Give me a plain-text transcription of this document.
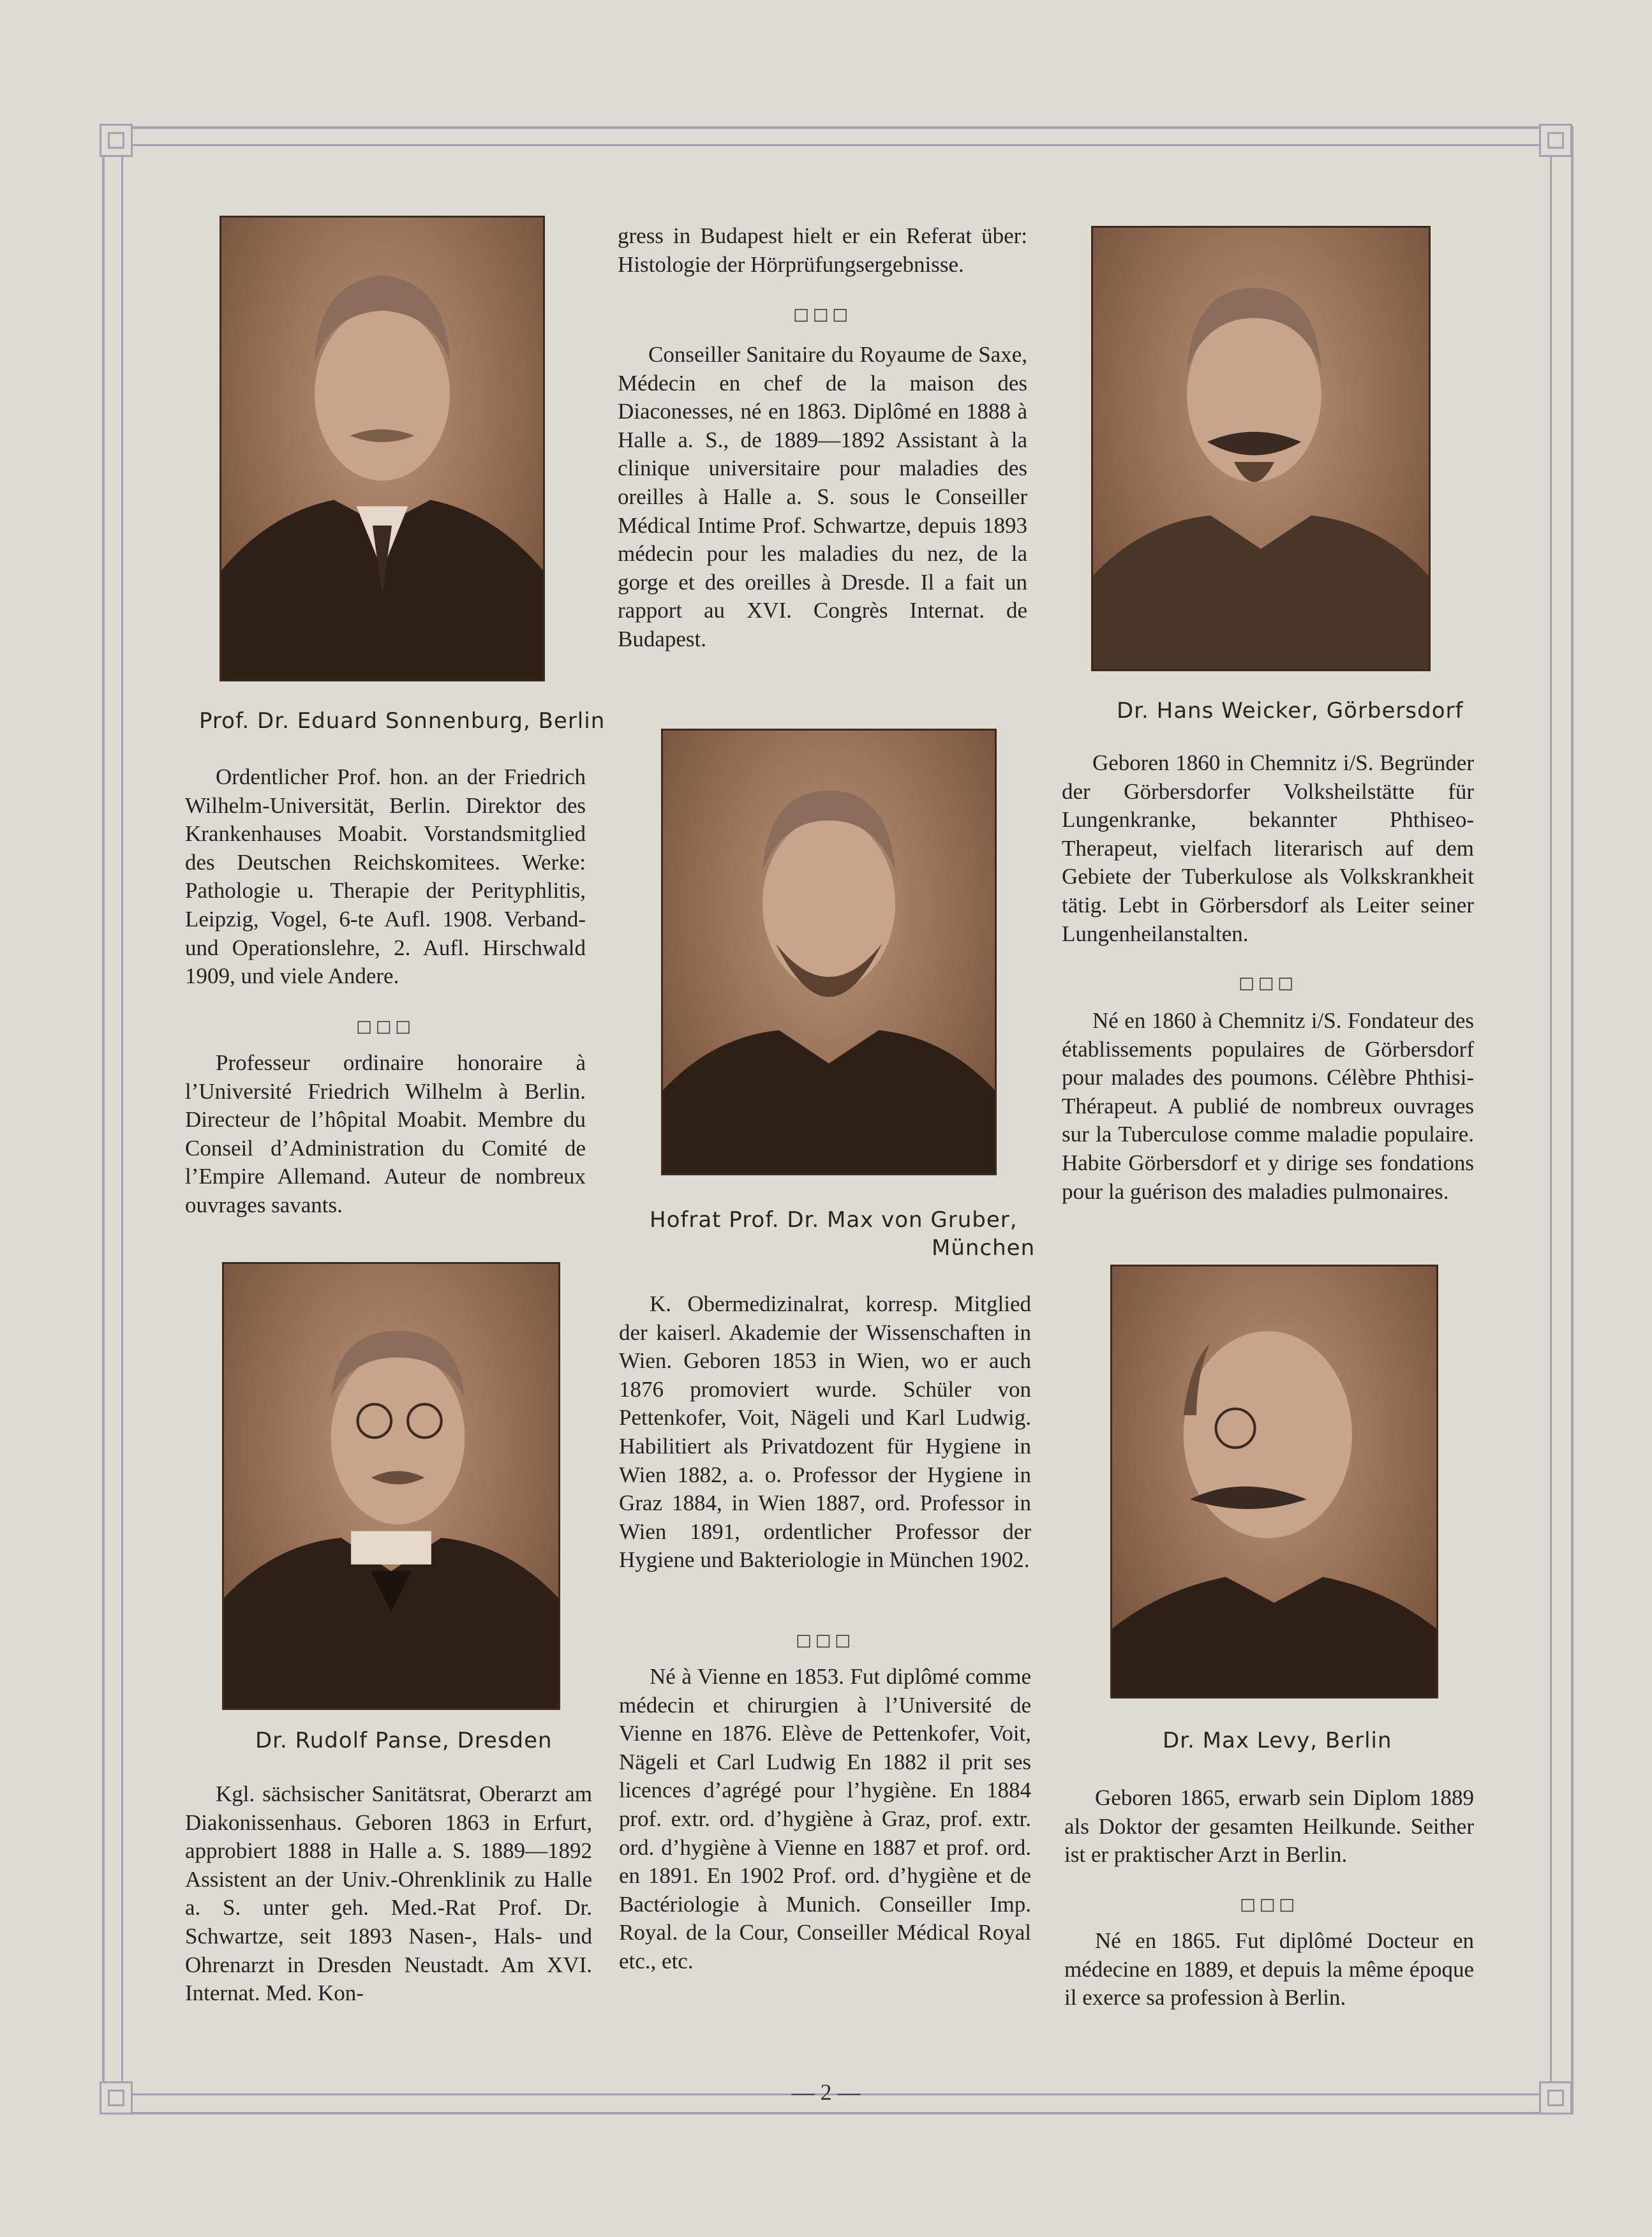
Prof. Dr. Eduard Sonnenburg, Berlin

Ordentlicher Prof. hon. an der Friedrich Wilhelm-Universität, Berlin. Direktor des Krankenhauses Moabit. Vorstandsmitglied des Deutschen Reichskomitees. Werke: Pathologie u. Therapie der Perityphlitis, Leipzig, Vogel, 6-te Aufl. 1908. Verband- und Operationslehre, 2. Aufl. Hirschwald 1909, und viele Andere.

□□□

Professeur ordinaire honoraire à l’Université Friedrich Wilhelm à Berlin. Directeur de l’hôpital Moabit. Membre du Conseil d’Administration du Comité de l’Empire Allemand. Auteur de nombreux ouvrages savants.

Dr. Rudolf Panse, Dresden

Kgl. sächsischer Sanitätsrat, Oberarzt am Diakonissenhaus. Geboren 1863 in Erfurt, approbiert 1888 in Halle a. S. 1889—1892 Assistent an der Univ.-Ohrenklinik zu Halle a. S. unter geh. Med.-Rat Prof. Dr. Schwartze, seit 1893 Nasen-, Hals- und Ohrenarzt in Dresden Neustadt. Am XVI. Internat. Med. Kon-

gress in Budapest hielt er ein Referat über: Histologie der Hörprüfungsergebnisse.

□□□

Conseiller Sanitaire du Royaume de Saxe, Médecin en chef de la maison des Diaconesses, né en 1863. Diplômé en 1888 à Halle a. S., de 1889—1892 Assistant à la clinique universitaire pour maladies des oreilles à Halle a. S. sous le Conseiller Médical Intime Prof. Schwartze, depuis 1893 médecin pour les maladies du nez, de la gorge et des oreilles à Dresde. Il a fait un rapport au XVI. Congrès Internat. de Budapest.

Hofrat Prof. Dr. Max von Gruber,
München

K. Obermedizinalrat, korresp. Mitglied der kaiserl. Akademie der Wissenschaften in Wien. Geboren 1853 in Wien, wo er auch 1876 promoviert wurde. Schüler von Pettenkofer, Voit, Nägeli und Karl Ludwig. Habilitiert als Privatdozent für Hygiene in Wien 1882, a. o. Professor der Hygiene in Graz 1884, in Wien 1887, ord. Professor in Wien 1891, ordentlicher Professor der Hygiene und Bakteriologie in München 1902.

□□□

Né à Vienne en 1853. Fut diplômé comme médecin et chirurgien à l’Université de Vienne en 1876. Elève de Pettenkofer, Voit, Nägeli et Carl Ludwig En 1882 il prit ses licences d’agrégé pour l’hygiène. En 1884 prof. extr. ord. d’hygiène à Graz, prof. extr. ord. d’hygiène à Vienne en 1887 et prof. ord. en 1891. En 1902 Prof. ord. d’hygiène et de Bactériologie à Munich. Conseiller Imp. Royal. de la Cour, Conseiller Médical Royal etc., etc.

Dr. Hans Weicker, Görbersdorf

Geboren 1860 in Chemnitz i/S. Begründer der Görbersdorfer Volksheilstätte für Lungenkranke, bekannter Phthiseo-Therapeut, vielfach literarisch auf dem Gebiete der Tuberkulose als Volkskrankheit tätig. Lebt in Görbersdorf als Leiter seiner Lungenheilanstalten.

□□□

Né en 1860 à Chemnitz i/S. Fondateur des établissements populaires de Görbersdorf pour malades des poumons. Célèbre Phthisi-Thérapeut. A publié de nombreux ouvrages sur la Tuberculose comme maladie populaire. Habite Görbersdorf et y dirige ses fondations pour la guérison des maladies pulmonaires.

Dr. Max Levy, Berlin

Geboren 1865, erwarb sein Diplom 1889 als Doktor der gesamten Heilkunde. Seither ist er praktischer Arzt in Berlin.

□□□

Né en 1865. Fut diplômé Docteur en médecine en 1889, et depuis la même époque il exerce sa profession à Berlin.

— 2 —
